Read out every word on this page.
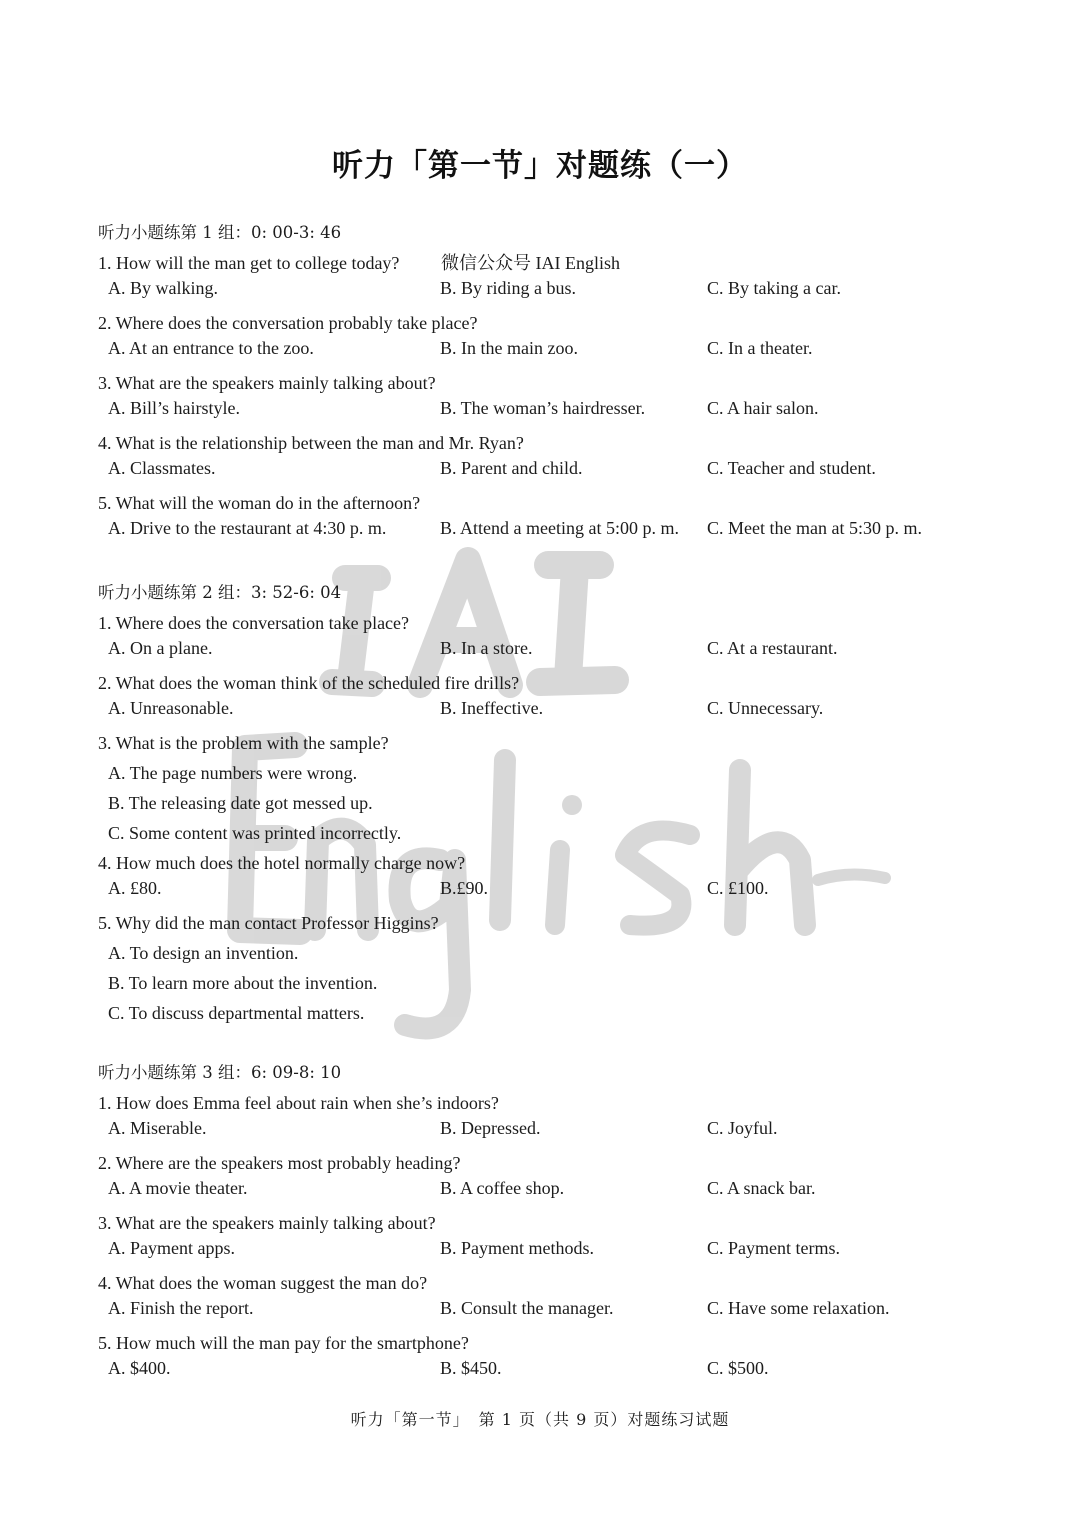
听力「第一节」对题练（一）
听力小题练第 1 组：0: 00-3: 46
1. How will the man get to college today? 微信公众号 IAI English
A. By walking.	B. By riding a bus.	C. By taking a car.
2. Where does the conversation probably take place?
A. At an entrance to the zoo.	B. In the main zoo.	C. In a theater.
3. What are the speakers mainly talking about?
A. Bill’s hairstyle.	B. The woman’s hairdresser.	C. A hair salon.
4. What is the relationship between the man and Mr. Ryan?
A. Classmates.	B. Parent and child.	C. Teacher and student.
5. What will the woman do in the afternoon?
A. Drive to the restaurant at 4:30 p. m.	B. Attend a meeting at 5:00 p. m. C. Meet the man at 5:30 p. m.
听力小题练第 2 组：3: 52-6: 04
1. Where does the conversation take place?
A. On a plane.	B. In a store.	C. At a restaurant.
2. What does the woman think of the scheduled fire drills?
A. Unreasonable.	B. Ineffective.	C. Unnecessary.
3. What is the problem with the sample?
A. The page numbers were wrong.
B. The releasing date got messed up.
C. Some content was printed incorrectly.
4. How much does the hotel normally charge now?
A. £80.	B.£90.	C. £100.
5. Why did the man contact Professor Higgins?
A. To design an invention.
B. To learn more about the invention.
C. To discuss departmental matters.
听力小题练第 3 组：6: 09-8: 10
1. How does Emma feel about rain when she’s indoors?
A. Miserable.	B. Depressed.	C. Joyful.
2. Where are the speakers most probably heading?
A. A movie theater.	B. A coffee shop.	C. A snack bar.
3. What are the speakers mainly talking about?
A. Payment apps.	B. Payment methods.	C. Payment terms.
4. What does the woman suggest the man do?
A. Finish the report.	B. Consult the manager.	C. Have some relaxation.
5. How much will the man pay for the smartphone?
A. $400.	B. $450.	C. $500.
听力「第一节」　第 1 页（共 9 页）对题练习试题
